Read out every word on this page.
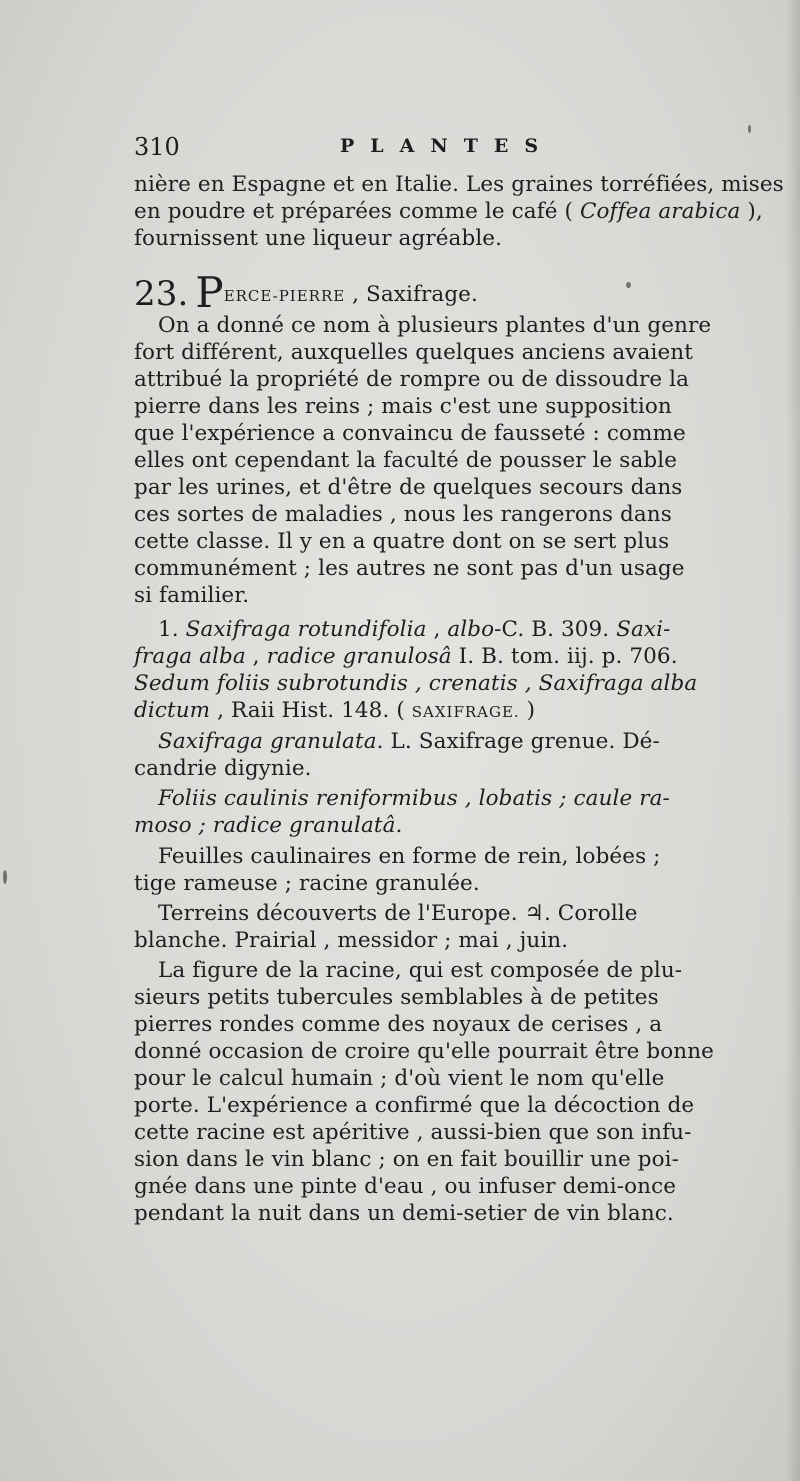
310	PLANTES
nière en Espagne et en Italie. Les graines torréfiées, mises
en poudre et préparées comme le café ( Coffea arabica ),
fournissent une liqueur agréable.
23. PERCE-PIERRE , Saxifrage.
On a donné ce nom à plusieurs plantes d'un genre
fort différent, auxquelles quelques anciens avaient
attribué la propriété de rompre ou de dissoudre la
pierre dans les reins ; mais c'est une supposition
que l'expérience a convaincu de fausseté : comme
elles ont cependant la faculté de pousser le sable
par les urines, et d'être de quelques secours dans
ces sortes de maladies , nous les rangerons dans
cette classe. Il y en a quatre dont on se sert plus
communément ; les autres ne sont pas d'un usage
si familier.
1. Saxifraga rotundifolia , albo-C. B. 309. Saxi-
fraga alba , radice granulosâ I. B. tom. iij. p. 706.
Sedum foliis subrotundis , crenatis , Saxifraga alba
dictum , Raii Hist. 148. ( SAXIFRAGE. )
Saxifraga granulata. L. Saxifrage grenue. Dé-
candrie digynie.
Foliis caulinis reniformibus , lobatis ; caule ra-
moso ; radice granulatâ.
Feuilles caulinaires en forme de rein, lobées ;
tige rameuse ; racine granulée.
Terreins découverts de l'Europe. ♃. Corolle
blanche. Prairial , messidor ; mai , juin.
La figure de la racine, qui est composée de plu-
sieurs petits tubercules semblables à de petites
pierres rondes comme des noyaux de cerises , a
donné occasion de croire qu'elle pourrait être bonne
pour le calcul humain ; d'où vient le nom qu'elle
porte. L'expérience a confirmé que la décoction de
cette racine est apéritive , aussi-bien que son infu-
sion dans le vin blanc ; on en fait bouillir une poi-
gnée dans une pinte d'eau , ou infuser demi-once
pendant la nuit dans un demi-setier de vin blanc.
